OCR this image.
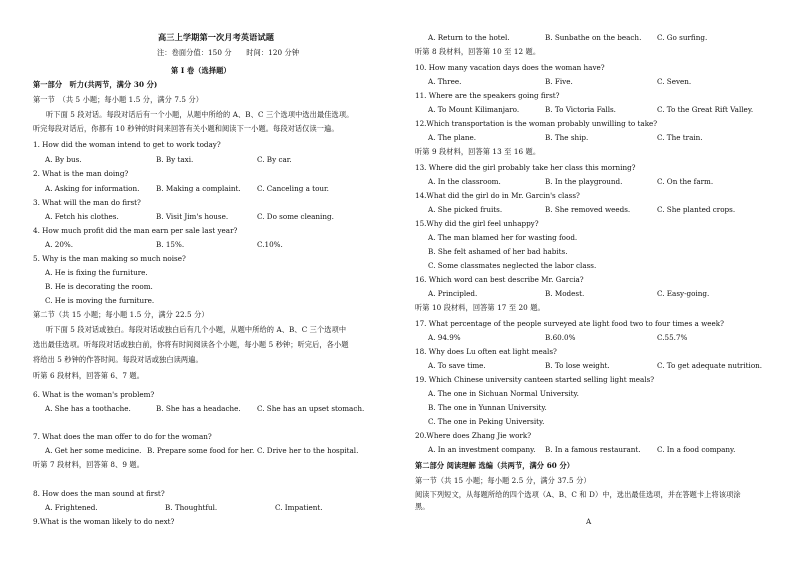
高三上学期第一次月考英语试题
注：卷面分值：150 分　　时间：120 分钟
第 I 卷（选择题）
第一部分　听力(共两节，满分 30 分)
第一节　（共 5 小题；每小题 1.5 分，满分 7.5 分）
听下面 5 段对话。每段对话后有一个小题，从题中所给的 A、B、C 三个选项中选出最佳选项。
听完每段对话后，你都有 10 秒钟的时间来回答有关小题和阅读下一小题。每段对话仅读一遍。
1. How did the woman intend to get to work today?
A. By bus.	B. By taxi.	C. By car.
2. What is the man doing?
A. Asking for information. B. Making a complaint. C. Canceling a tour.
3. What will the man do first?
A. Fetch his clothes.	B. Visit Jim's house.	C. Do some cleaning.
4. How much profit did the man earn per sale last year?
A. 20%.	B. 15%.	C.10%.
5. Why is the man making so much noise?
A. He is fixing the furniture.
B. He is decorating the room.
C. He is moving the furniture.
第二节（共 15 小题；每小题 1.5 分，满分 22.5 分）
听下面 5 段对话或独白。每段对话或独白后有几个小题，从题中所给的 A、B、C 三个选项中
选出最佳选项。听每段对话或独白前，你将有时间阅读各个小题，每小题 5 秒钟；听完后，各小题
将给出 5 秒钟的作答时间。每段对话或独白读两遍。
听第 6 段材料，回答第 6、7 题。
6. What is the woman's problem?
A. She has a toothache.	B. She has a headache. C. She has an upset stomach.
7. What does the man offer to do for the woman?
A. Get her some medicine. B. Prepare some food for her. C. Drive her to the hospital.
听第 7 段材料，回答第 8、9 题。
8. How does the man sound at first?
A. Frightened.	B. Thoughtful.	C. Impatient.
9.What is the woman likely to do next?
A. Return to the hotel.	B. Sunbathe on the beach. C. Go surfing.
听第 8 段材料，回答第 10 至 12 题。
10. How many vacation days does the woman have?
A. Three.	B. Five.	C. Seven.
11. Where are the speakers going first?
A. To Mount Kilimanjaro.	B. To Victoria Falls.	C. To the Great Rift Valley.
12.Which transportation is the woman probably unwilling to take?
A. The plane.	B. The ship.	C. The train.
听第 9 段材料，回答第 13 至 16 题。
13. Where did the girl probably take her class this morning?
A. In the classroom.	B. In the playground.	C. On the farm.
14.What did the girl do in Mr. Garcin's class?
A. She picked fruits.	B. She removed weeds.	C. She planted crops.
15.Why did the girl feel unhappy?
A. The man blamed her for wasting food.
B. She felt ashamed of her bad habits.
C. Some classmates neglected the labor class.
16. Which word can best describe Mr. Garcia?
A. Principled.	B. Modest.	C. Easy-going.
听第 10 段材料，回答第 17 至 20 题。
17. What percentage of the people surveyed ate light food two to four times a week?
A. 94.9%	B.60.0%	C.55.7%
18. Why does Lu often eat light meals?
A. To save time.	B. To lose weight.	C. To get adequate nutrition.
19. Which Chinese university canteen started selling light meals?
A. The one in Sichuan Normal University.
B. The one in Yunnan University.
C. The one in Peking University.
20.Where does Zhang Jie work?
A. In an investment company. B. In a famous restaurant. C. In a food company.
第二部分 阅读理解 选编（共两节，满分 60 分）
第一节（共 15 小题；每小题 2.5 分，满分 37.5 分）
阅读下列短文，从每题所给的四个选项（A、B、C 和 D）中，选出最佳选项，并在答题卡上将该项涂
黑。
A
